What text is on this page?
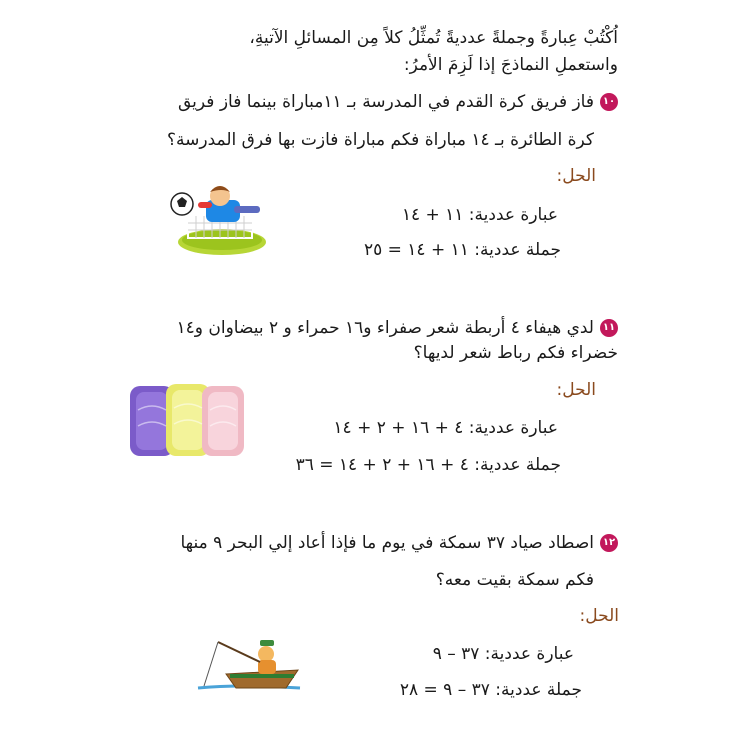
اُكْتُبْ عِبارةً وجملةً عدديةً تُمثِّلُ كلاً مِن المسائلِ الآتيةِ،
واستعملِ النماذجَ إذا لَزِمَ الأمرُ:
١٠فاز فريق كرة القدم في المدرسة بـ ١١مباراة بينما فاز فريق
كرة الطائرة بـ ١٤ مباراة فكم مباراة فازت بها فرق المدرسة؟
الحل:
عبارة عددية: ١١ + ١٤
جملة عددية: ١١ + ١٤ = ٢٥
١١لدي هيفاء ٤ أربطة شعر صفراء و١٦ حمراء و ٢ بيضاوان و١٤
خضراء فكم رباط شعر لديها؟
الحل:
عبارة عددية: ٤ + ١٦ + ٢ + ١٤
جملة عددية: ٤ + ١٦ + ٢ + ١٤ = ٣٦
١٢اصطاد صياد ٣٧ سمكة في يوم ما فإذا أعاد إلي البحر ٩ منها
فكم سمكة بقيت معه؟
الحل:
عبارة عددية: ٣٧ – ٩
جملة عددية: ٣٧ – ٩ = ٢٨
